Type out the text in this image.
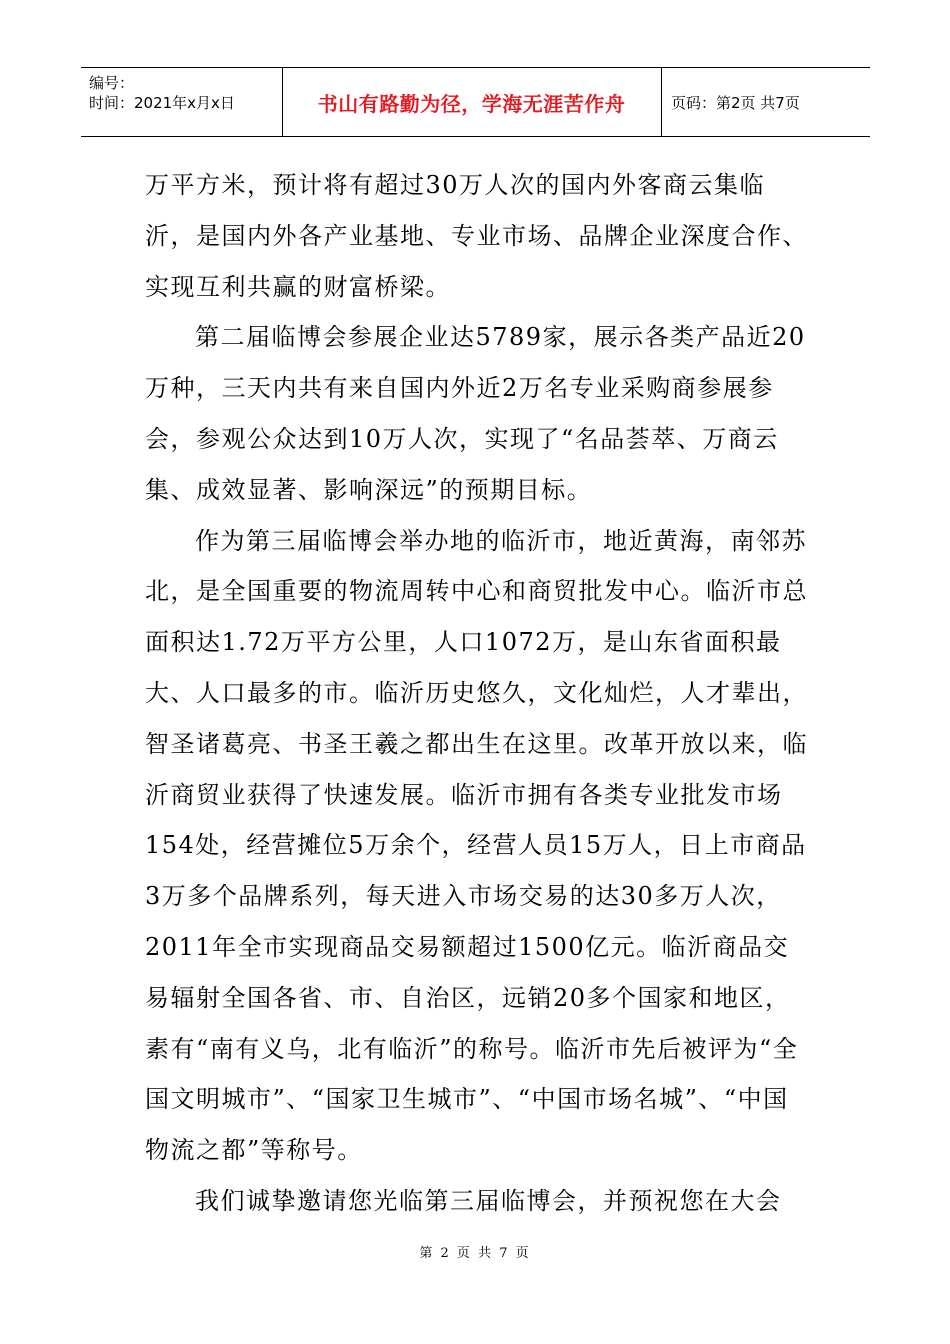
编号：
时间：2021年x月x日	书山有路勤为径，学海无涯苦作舟	页码：第2页 共7页

万平方米，预计将有超过30万人次的国内外客商云集临沂，是国内外各产业基地、专业市场、品牌企业深度合作、实现互利共赢的财富桥梁。

第二届临博会参展企业达5789家，展示各类产品近20万种，三天内共有来自国内外近2万名专业采购商参展参会，参观公众达到10万人次，实现了“名品荟萃、万商云集、成效显著、影响深远”的预期目标。

作为第三届临博会举办地的临沂市，地近黄海，南邻苏北，是全国重要的物流周转中心和商贸批发中心。临沂市总面积达1.72万平方公里，人口1072万，是山东省面积最大、人口最多的市。临沂历史悠久，文化灿烂，人才辈出，智圣诸葛亮、书圣王羲之都出生在这里。改革开放以来，临沂商贸业获得了快速发展。临沂市拥有各类专业批发市场154处，经营摊位5万余个，经营人员15万人，日上市商品3万多个品牌系列，每天进入市场交易的达30多万人次，2011年全市实现商品交易额超过1500亿元。临沂商品交易辐射全国各省、市、自治区，远销20多个国家和地区，素有“南有义乌，北有临沂”的称号。临沂市先后被评为“全国文明城市”、“国家卫生城市”、“中国市场名城”、“中国物流之都”等称号。

我们诚挚邀请您光临第三届临博会，并预祝您在大会

第 2 页 共 7 页
